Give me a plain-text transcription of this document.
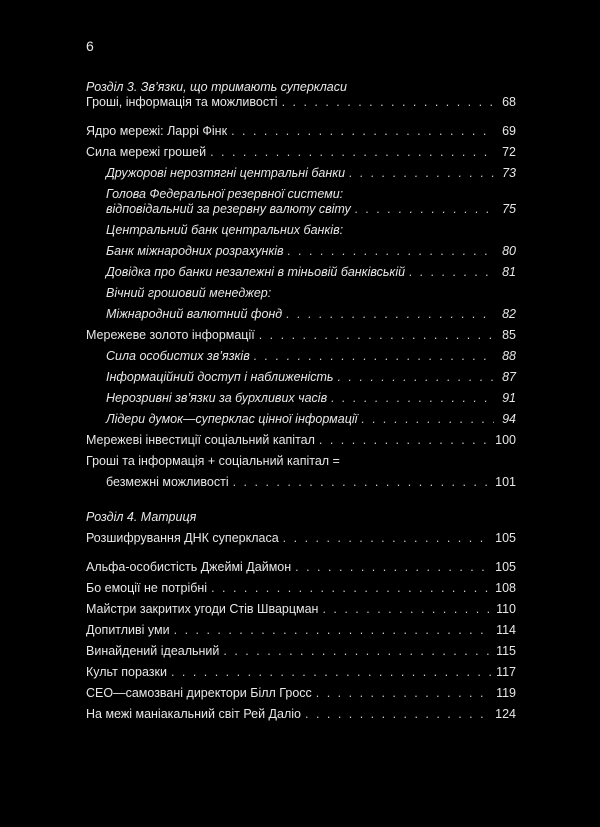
6
Розділ 3. Зв’язки, що тримають суперкласи
Гроші, інформація та можливості . . .	68
Ядро мережі: Ларрі Фінк . . .	69
Сила мережі грошей . . .	72
Дружорові нерозтягні центральні банки . . .	73
Голова Федеральної резервної системи:
відповідальний за резервну валюту світу . . .	75
Центральний банк центральних банків:
Банк міжнародних розрахунків . . .	80
Довідка про банки незалежні в тіньовій банківській . . .	81
Вічний грошовий менеджер:
Міжнародний валютний фонд . . .	82
Мережеве золото інформації . . .	85
Сила особистих зв’язків . . .	88
Інформаційний доступ і наближеність . . .	87
Нерозривні зв’язки за бурхливих часів . . .	91
Лідери думок—суперклас цінної інформації . . .	94
Мережеві інвестиції соціальний капітал . . .	100
Гроші та інформація + соціальний капітал =
безмежні можливості . . .	101
Розділ 4. Матриця
Розшифрування ДНК суперкласа . . .	105
Альфа-особистість Джеймі Даймон . . .	105
Бо емоції не потрібні . . .	108
Майстри закритих угоди Стів Шварцман . . .	110
Допитливі уми . . .	114
Винайдений ідеальний . . .	115
Культ поразки . . .	117
CEO—самозвані директори Білл Гросс . . .	119
На межі маніакальний світ Рей Даліо . . .	124
